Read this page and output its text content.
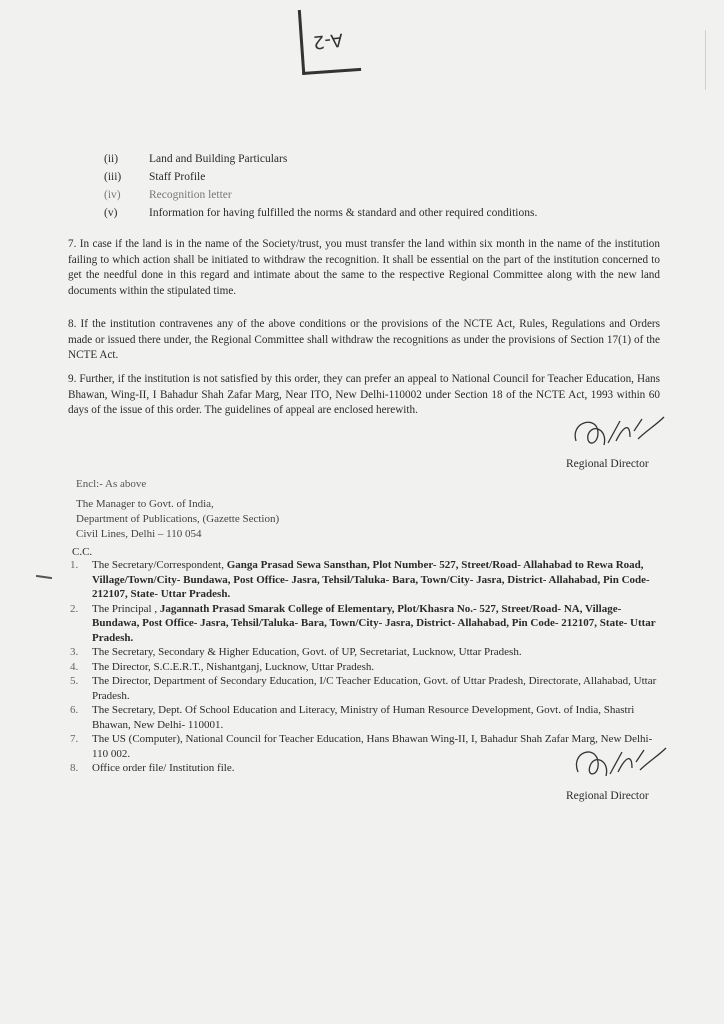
A-2
(ii)	Land and Building Particulars
(iii)	Staff Profile
(iv)	Recognition letter
(v)	Information for having fulfilled the norms & standard and other required conditions.
7. In case if the land is in the name of the Society/trust, you must transfer the land within six month in the name of the institution failing to which action shall be initiated to withdraw the recognition. It shall be essential on the part of the institution concerned to get the needful done in this regard and intimate about the same to the respective Regional Committee along with the new land documents within the stipulated time.
8. If the institution contravenes any of the above conditions or the provisions of the NCTE Act, Rules, Regulations and Orders made or issued there under, the Regional Committee shall withdraw the recognitions as under the provisions of Section 17(1) of the NCTE Act.
9. Further, if the institution is not satisfied by this order, they can prefer an appeal to National Council for Teacher Education, Hans Bhawan, Wing-II, I Bahadur Shah Zafar Marg, Near ITO, New Delhi-110002 under Section 18 of the NCTE Act, 1993 within 60 days of the issue of this order. The guidelines of appeal are enclosed herewith.
Regional Director
Encl:- As above
The Manager to Govt. of India,
Department of Publications, (Gazette Section)
Civil Lines, Delhi – 110 054
C.C.
1.	The Secretary/Correspondent, Ganga Prasad Sewa Sansthan, Plot Number- 527, Street/Road- Allahabad to Rewa Road, Village/Town/City- Bundawa, Post Office- Jasra, Tehsil/Taluka- Bara, Town/City- Jasra, District- Allahabad, Pin Code- 212107, State- Uttar Pradesh.
2.	The Principal , Jagannath Prasad Smarak College of Elementary, Plot/Khasra No.- 527, Street/Road- NA, Village- Bundawa, Post Office- Jasra, Tehsil/Taluka- Bara, Town/City- Jasra, District- Allahabad, Pin Code- 212107, State- Uttar Pradesh.
3.	The Secretary, Secondary & Higher Education, Govt. of UP, Secretariat, Lucknow, Uttar Pradesh.
4.	The Director, S.C.E.R.T., Nishantganj, Lucknow, Uttar Pradesh.
5.	The Director, Department of Secondary Education, I/C Teacher Education, Govt. of Uttar Pradesh, Directorate, Allahabad, Uttar Pradesh.
6.	The Secretary, Dept. Of School Education and Literacy, Ministry of Human Resource Development, Govt. of India, Shastri Bhawan, New Delhi- 110001.
7.	The US (Computer), National Council for Teacher Education, Hans Bhawan Wing-II, I, Bahadur Shah Zafar Marg, New Delhi- 110 002.
8.	Office order file/ Institution file.
Regional Director
